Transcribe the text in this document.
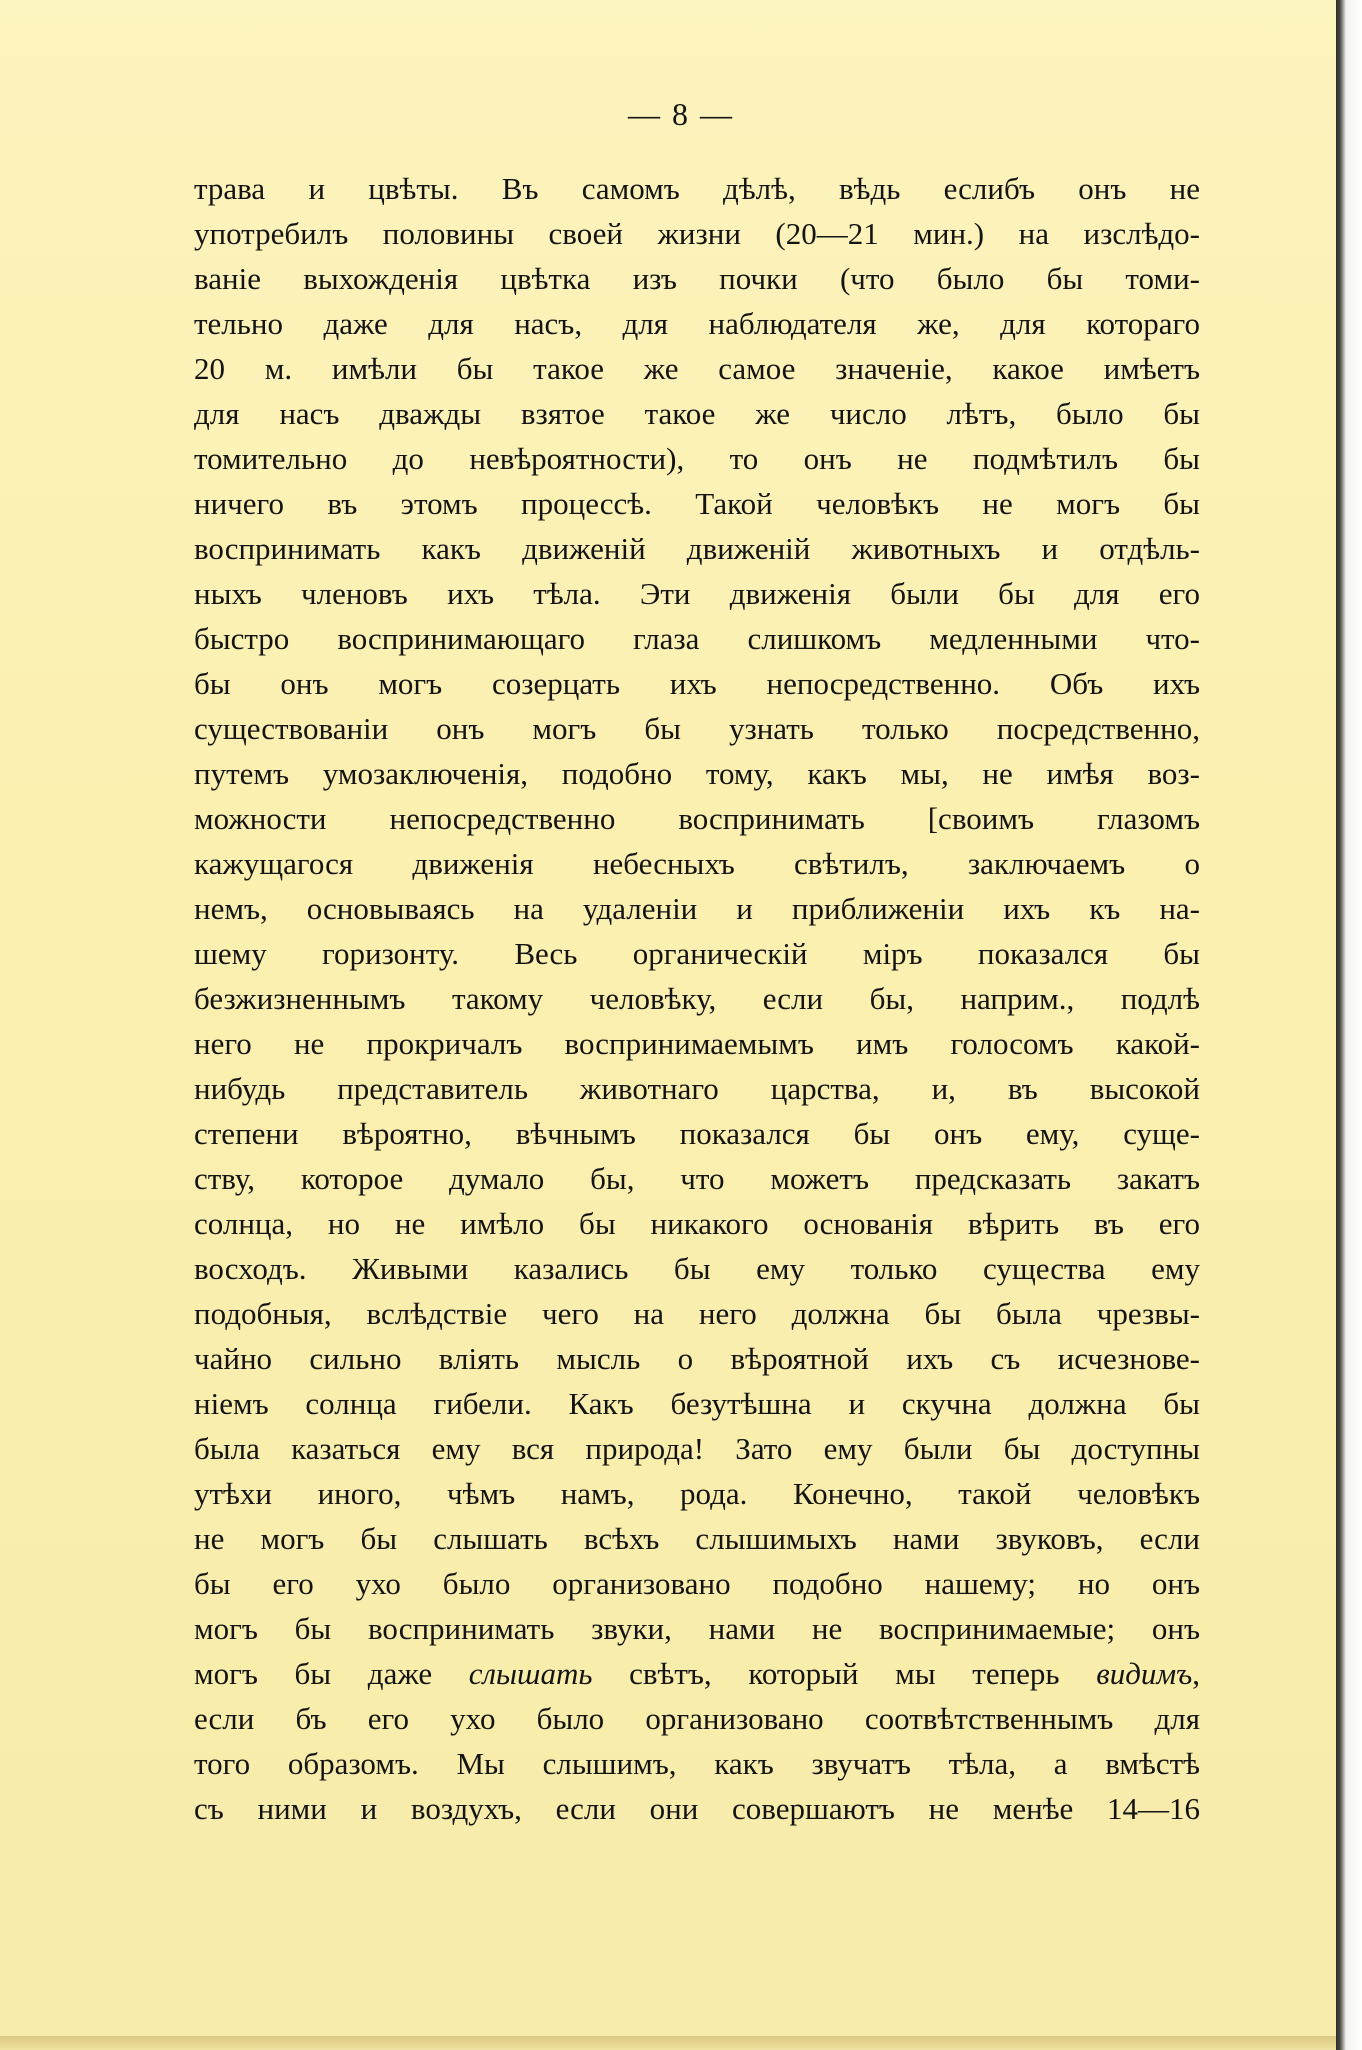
— 8 —
трава и цвѣты. Въ самомъ дѣлѣ, вѣдь еслибъ онъ не
употребилъ половины своей жизни (20—21 мин.) на изслѣдо-
ваніе выхожденія цвѣтка изъ почки (что было бы томи-
тельно даже для насъ, для наблюдателя же, для котораго
20 м. имѣли бы такое же самое значеніе, какое имѣетъ
для насъ дважды взятое такое же число лѣтъ, было бы
томительно до невѣроятности), то онъ не подмѣтилъ бы
ничего въ этомъ процессѣ. Такой человѣкъ не могъ бы
воспринимать какъ движеній движеній животныхъ и отдѣль-
ныхъ членовъ ихъ тѣла. Эти движенія были бы для его
быстро воспринимающаго глаза слишкомъ медленными что-
бы онъ могъ созерцать ихъ непосредственно. Объ ихъ
существованіи онъ могъ бы узнать только посредственно,
путемъ умозаключенія, подобно тому, какъ мы, не имѣя воз-
можности непосредственно воспринимать [своимъ глазомъ
кажущагося движенія небесныхъ свѣтилъ, заключаемъ о
немъ, основываясь на удаленіи и приближеніи ихъ къ на-
шему горизонту. Весь органическій міръ показался бы
безжизненнымъ такому человѣку, если бы, наприм., подлѣ
него не прокричалъ воспринимаемымъ имъ голосомъ какой-
нибудь представитель животнаго царства, и, въ высокой
степени вѣроятно, вѣчнымъ показался бы онъ ему, суще-
ству, которое думало бы, что можетъ предсказать закатъ
солнца, но не имѣло бы никакого основанія вѣрить въ его
восходъ. Живыми казались бы ему только существа ему
подобныя, вслѣдствіе чего на него должна бы была чрезвы-
чайно сильно вліять мысль о вѣроятной ихъ съ исчезнове-
ніемъ солнца гибели. Какъ безутѣшна и скучна должна бы
была казаться ему вся природа! Зато ему были бы доступны
утѣхи иного, чѣмъ намъ, рода. Конечно, такой человѣкъ
не могъ бы слышать всѣхъ слышимыхъ нами звуковъ, если
бы его ухо было организовано подобно нашему; но онъ
могъ бы воспринимать звуки, нами не воспринимаемые; онъ
могъ бы даже слышать свѣтъ, который мы теперь видимъ,
если бъ его ухо было организовано соотвѣтственнымъ для
того образомъ. Мы слышимъ, какъ звучатъ тѣла, а вмѣстѣ
съ ними и воздухъ, если они совершаютъ не менѣе 14—16
